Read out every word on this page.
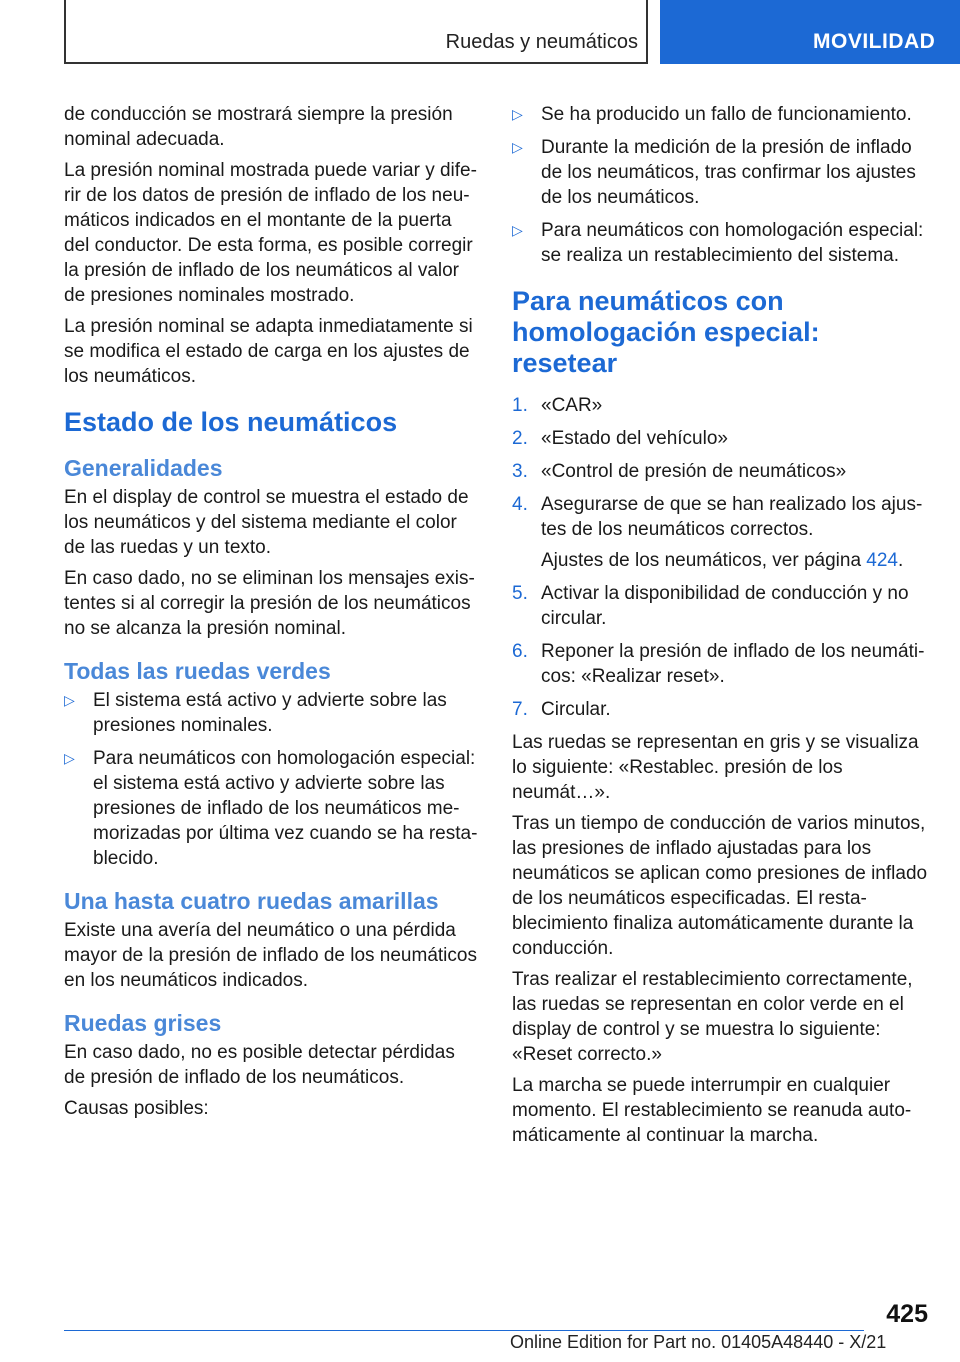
Ruedas y neumáticos	MOVILIDAD

de conducción se mostrará siempre la presión nominal adecuada.

La presión nominal mostrada puede variar y diferir de los datos de presión de inflado de los neumáticos indicados en el montante de la puerta del conductor. De esta forma, es posible corregir la presión de inflado de los neumáticos al valor de presiones nominales mostrado.

La presión nominal se adapta inmediatamente si se modifica el estado de carga en los ajustes de los neumáticos.

Estado de los neumáticos
Generalidades

En el display de control se muestra el estado de los neumáticos y del sistema mediante el color de las ruedas y un texto.

En caso dado, no se eliminan los mensajes existentes si al corregir la presión de los neumáticos no se alcanza la presión nominal.

Todas las ruedas verdes
▷ El sistema está activo y advierte sobre las presiones nominales.
▷ Para neumáticos con homologación especial: el sistema está activo y advierte sobre las presiones de inflado de los neumáticos memorizadas por última vez cuando se ha restablecido.
Una hasta cuatro ruedas amarillas

Existe una avería del neumático o una pérdida mayor de la presión de inflado de los neumáticos en los neumáticos indicados.

Ruedas grises

En caso dado, no es posible detectar pérdidas de presión de inflado de los neumáticos.

Causas posibles:

▷ Se ha producido un fallo de funcionamiento.
▷ Durante la medición de la presión de inflado de los neumáticos, tras confirmar los ajustes de los neumáticos.
▷ Para neumáticos con homologación especial: se realiza un restablecimiento del sistema.
Para neumáticos con homologación especial: resetear
1. «CAR»
2. «Estado del vehículo»
3. «Control de presión de neumáticos»
4. Asegurarse de que se han realizado los ajustes de los neumáticos correctos.
Ajustes de los neumáticos, ver página 424.
5. Activar la disponibilidad de conducción y no circular.
6. Reponer la presión de inflado de los neumáticos: «Realizar reset».
7. Circular.

Las ruedas se representan en gris y se visualiza lo siguiente: «Restablec. presión de los neumát…».

Tras un tiempo de conducción de varios minutos, las presiones de inflado ajustadas para los neumáticos se aplican como presiones de inflado de los neumáticos especificadas. El restablecimiento finaliza automáticamente durante la conducción.

Tras realizar el restablecimiento correctamente, las ruedas se representan en color verde en el display de control y se muestra lo siguiente: «Reset correcto.»

La marcha se puede interrumpir en cualquier momento. El restablecimiento se reanuda automáticamente al continuar la marcha.

425
Online Edition for Part no. 01405A48440 - X/21
